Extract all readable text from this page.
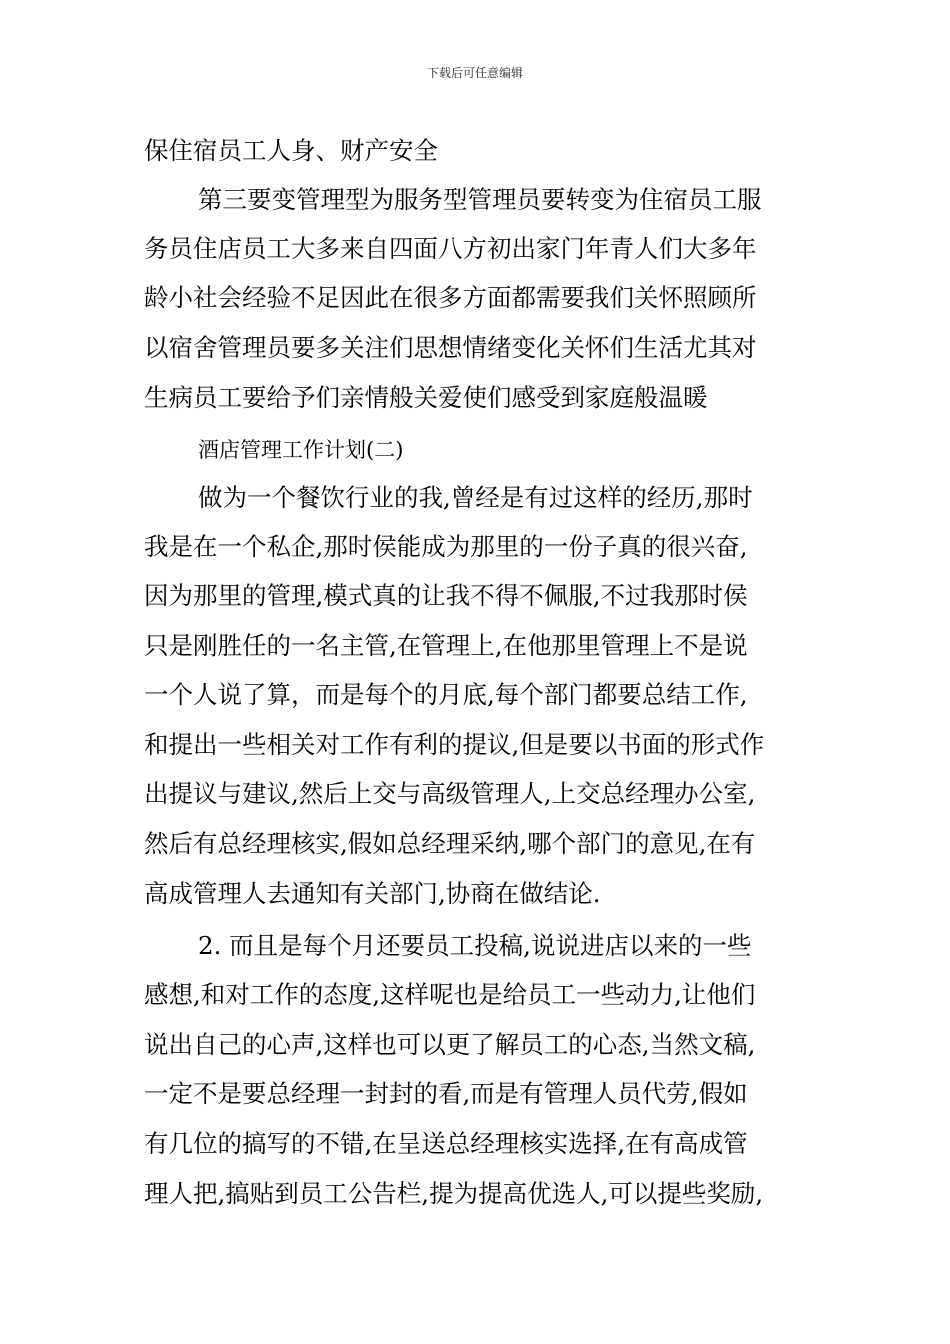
下载后可任意编辑
保住宿员工人身、财产安全
第三要变管理型为服务型管理员要转变为住宿员工服
务员住店员工大多来自四面八方初出家门年青人们大多年
龄小社会经验不足因此在很多方面都需要我们关怀照顾所
以宿舍管理员要多关注们思想情绪变化关怀们生活尤其对
生病员工要给予们亲情般关爱使们感受到家庭般温暖
酒店管理工作计划(二)
做为一个餐饮行业的我,曾经是有过这样的经历,那时
我是在一个私企,那时侯能成为那里的一份子真的很兴奋,
因为那里的管理,模式真的让我不得不佩服,不过我那时侯
只是刚胜任的一名主管,在管理上,在他那里管理上不是说
一个人说了算，而是每个的月底,每个部门都要总结工作,
和提出一些相关对工作有利的提议,但是要以书面的形式作
出提议与建议,然后上交与高级管理人,上交总经理办公室,
然后有总经理核实,假如总经理采纳,哪个部门的意见,在有
高成管理人去通知有关部门,协商在做结论.
2. 而且是每个月还要员工投稿,说说进店以来的一些
感想,和对工作的态度,这样呢也是给员工一些动力,让他们
说出自己的心声,这样也可以更了解员工的心态,当然文稿,
一定不是要总经理一封封的看,而是有管理人员代劳,假如
有几位的搞写的不错,在呈送总经理核实选择,在有高成管
理人把,搞贴到员工公告栏,提为提高优选人,可以提些奖励,
